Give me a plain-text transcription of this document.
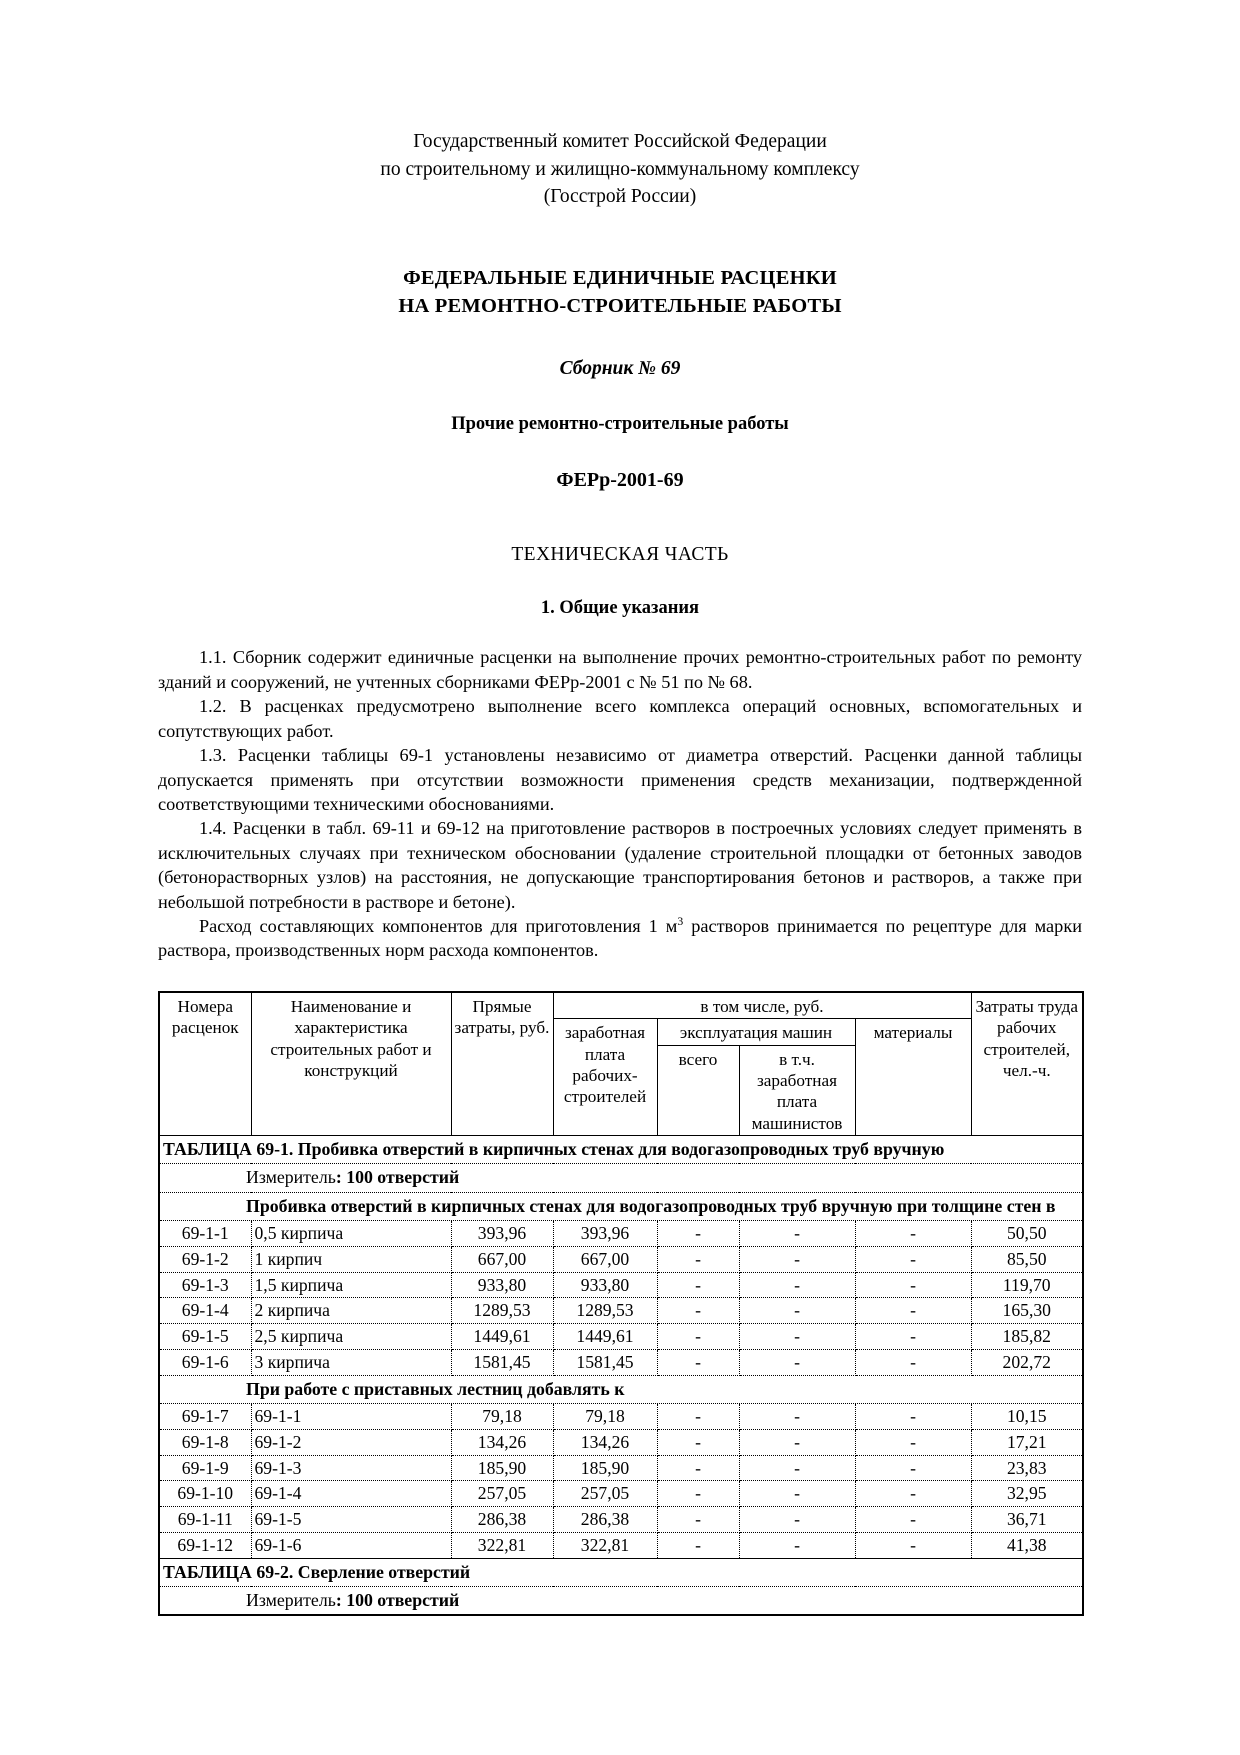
Государственный комитет Российской Федерации
по строительному и жилищно-коммунальному комплексу
(Госстрой России)
ФЕДЕРАЛЬНЫЕ ЕДИНИЧНЫЕ РАСЦЕНКИ
НА РЕМОНТНО-СТРОИТЕЛЬНЫЕ РАБОТЫ
Сборник № 69
Прочие ремонтно-строительные работы
ФЕРр-2001-69
ТЕХНИЧЕСКАЯ ЧАСТЬ
1. Общие указания

1.1. Сборник содержит единичные расценки на выполнение прочих ремонтно-строительных работ по ремонту зданий и сооружений, не учтенных сборниками ФЕРр-2001 с № 51 по № 68.

1.2. В расценках предусмотрено выполнение всего комплекса операций основных, вспомогательных и сопутствующих работ.

1.3. Расценки таблицы 69-1 установлены независимо от диаметра отверстий. Расценки данной таблицы допускается применять при отсутствии возможности применения средств механизации, подтвержденной соответствующими техническими обоснованиями.

1.4. Расценки в табл. 69-11 и 69-12 на приготовление растворов в построечных условиях следует применять в исключительных случаях при техническом обосновании (удаление строительной площадки от бетонных заводов (бетонорастворных узлов) на расстояния, не допускающие транспортирования бетонов и растворов, а также при небольшой потребности в растворе и бетоне).

Расход составляющих компонентов для приготовления 1 $м^3$ растворов принимается по рецептуре для марки раствора, производственных норм расхода компонентов.

Номера расценок	Наименование и характеристика строительных работ и конструкций	Прямые затраты, руб.	в том числе, руб.				Затраты труда рабочих строителей, чел.-ч.
			заработная плата рабочих-строителей	эксплуатация машин		материалы	
				всего	в т.ч. заработная плата машинистов		

ТАБЛИЦА 69-1. Пробивка отверстий в кирпичных стенах для водогазопроводных труб вручную							
Измеритель: 100 отверстий							
Пробивка отверстий в кирпичных стенах для водогазопроводных труб вручную при толщине стен в							
69-1-1	0,5 кирпича	393,96	393,96	-	-	-	50,50
69-1-2	1 кирпич	667,00	667,00	-	-	-	85,50
69-1-3	1,5 кирпича	933,80	933,80	-	-	-	119,70
69-1-4	2 кирпича	1289,53	1289,53	-	-	-	165,30
69-1-5	2,5 кирпича	1449,61	1449,61	-	-	-	185,82
69-1-6	3 кирпича	1581,45	1581,45	-	-	-	202,72
При работе с приставных лестниц добавлять к							
69-1-7	69-1-1	79,18	79,18	-	-	-	10,15
69-1-8	69-1-2	134,26	134,26	-	-	-	17,21
69-1-9	69-1-3	185,90	185,90	-	-	-	23,83
69-1-10	69-1-4	257,05	257,05	-	-	-	32,95
69-1-11	69-1-5	286,38	286,38	-	-	-	36,71
69-1-12	69-1-6	322,81	322,81	-	-	-	41,38
ТАБЛИЦА 69-2. Сверление отверстий							
Измеритель: 100 отверстий							
